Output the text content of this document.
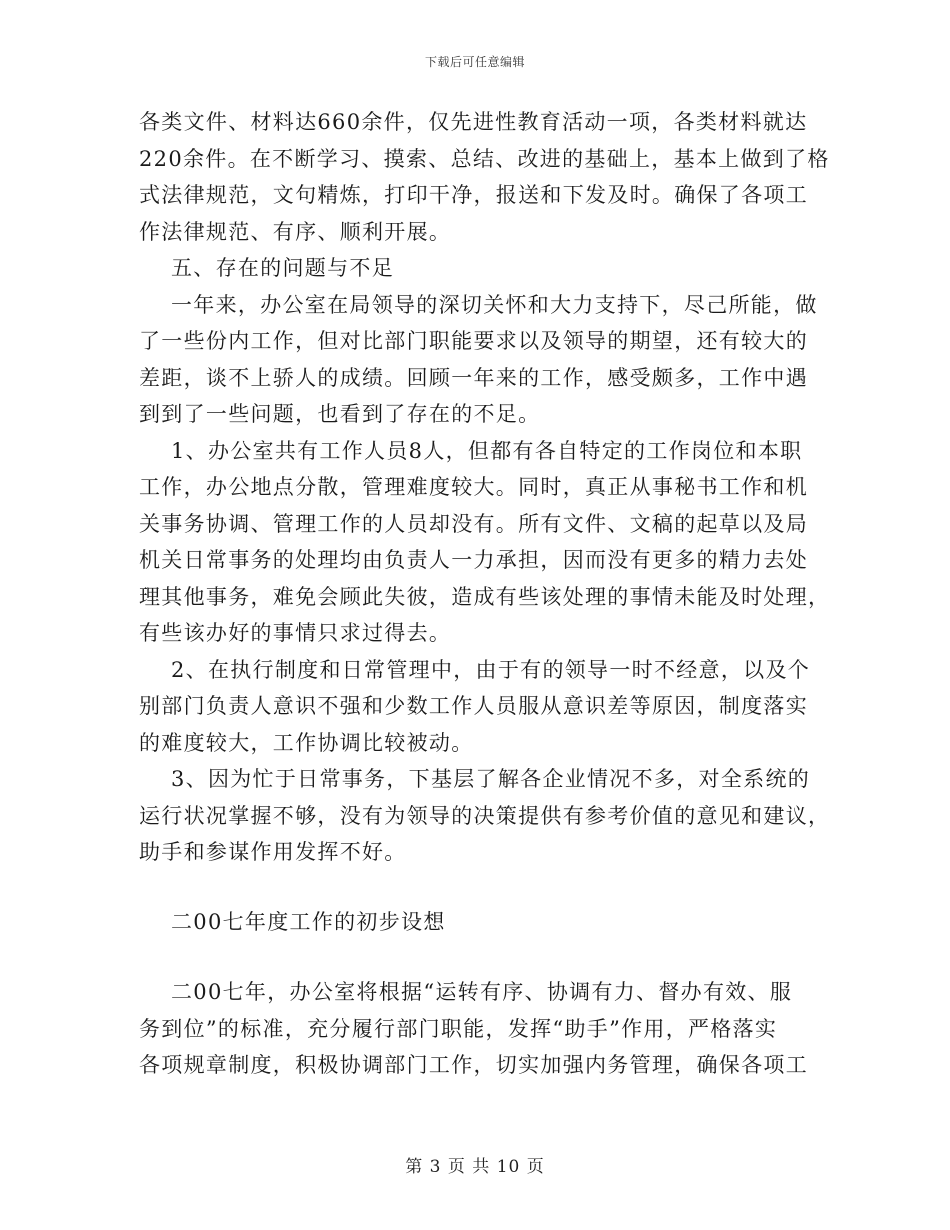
下载后可任意编辑
各类文件、材料达660余件，仅先进性教育活动一项，各类材料就达
220余件。在不断学习、摸索、总结、改进的基础上，基本上做到了格
式法律规范，文句精炼，打印干净，报送和下发及时。确保了各项工
作法律规范、有序、顺利开展。
五、存在的问题与不足
一年来，办公室在局领导的深切关怀和大力支持下，尽己所能，做
了一些份内工作，但对比部门职能要求以及领导的期望，还有较大的
差距，谈不上骄人的成绩。回顾一年来的工作，感受颇多，工作中遇
到到了一些问题，也看到了存在的不足。
1、办公室共有工作人员8人，但都有各自特定的工作岗位和本职
工作，办公地点分散，管理难度较大。同时，真正从事秘书工作和机
关事务协调、管理工作的人员却没有。所有文件、文稿的起草以及局
机关日常事务的处理均由负责人一力承担，因而没有更多的精力去处
理其他事务，难免会顾此失彼，造成有些该处理的事情未能及时处理，
有些该办好的事情只求过得去。
2、在执行制度和日常管理中，由于有的领导一时不经意，以及个
别部门负责人意识不强和少数工作人员服从意识差等原因，制度落实
的难度较大，工作协调比较被动。
3、因为忙于日常事务，下基层了解各企业情况不多，对全系统的
运行状况掌握不够，没有为领导的决策提供有参考价值的意见和建议，
助手和参谋作用发挥不好。
二00七年度工作的初步设想
二00七年，办公室将根据“运转有序、协调有力、督办有效、服
务到位”的标准，充分履行部门职能，发挥“助手”作用，严格落实
各项规章制度，积极协调部门工作，切实加强内务管理，确保各项工
第 3 页 共 10 页
